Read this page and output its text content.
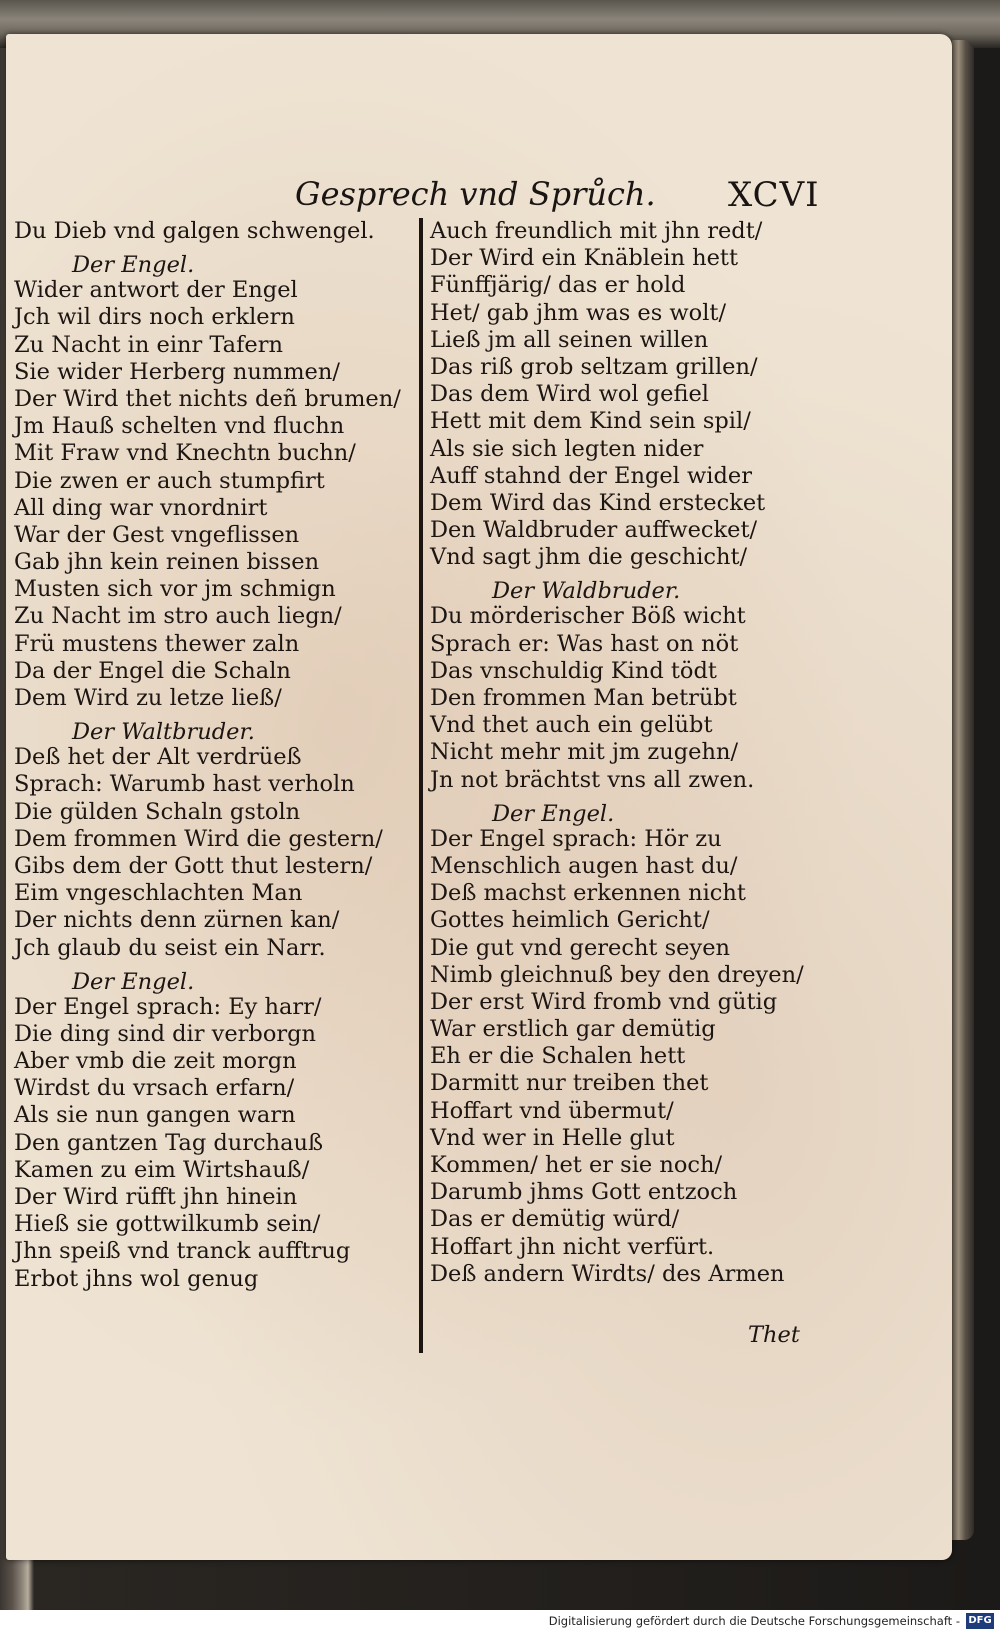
Gesprech vnd Sprůch. XCVI
Du Dieb vnd galgen schwengel.
Der Engel.
Wider antwort der Engel
Jch wil dirs noch erklern
Zu Nacht in einr Tafern
Sie wider Herberg nummen/
Der Wird thet nichts deñ brumen/
Jm Hauß schelten vnd fluchn
Mit Fraw vnd Knechtn buchn/
Die zwen er auch stumpfirt
All ding war vnordnirt
War der Gest vngeflissen
Gab jhn kein reinen bissen
Musten sich vor jm schmign
Zu Nacht im stro auch liegn/
Frü mustens thewer zaln
Da der Engel die Schaln
Dem Wird zu letze ließ/
Der Waltbruder.
Deß het der Alt verdrüeß
Sprach: Warumb hast verholn
Die gülden Schaln gstoln
Dem frommen Wird die gestern/
Gibs dem der Gott thut lestern/
Eim vngeschlachten Man
Der nichts denn zürnen kan/
Jch glaub du seist ein Narr.
Der Engel.
Der Engel sprach: Ey harr/
Die ding sind dir verborgn
Aber vmb die zeit morgn
Wirdst du vrsach erfarn/
Als sie nun gangen warn
Den gantzen Tag durchauß
Kamen zu eim Wirtshauß/
Der Wird rüfft jhn hinein
Hieß sie gottwilkumb sein/
Jhn speiß vnd tranck aufftrug
Erbot jhns wol genug
Auch freundlich mit jhn redt/
Der Wird ein Knäblein hett
Fünffjärig/ das er hold
Het/ gab jhm was es wolt/
Ließ jm all seinen willen
Das riß grob seltzam grillen/
Das dem Wird wol gefiel
Hett mit dem Kind sein spil/
Als sie sich legten nider
Auff stahnd der Engel wider
Dem Wird das Kind erstecket
Den Waldbruder auffwecket/
Vnd sagt jhm die geschicht/
Der Waldbruder.
Du mörderischer Böß wicht
Sprach er: Was hast on nöt
Das vnschuldig Kind tödt
Den frommen Man betrübt
Vnd thet auch ein gelübt
Nicht mehr mit jm zugehn/
Jn not brächtst vns all zwen.
Der Engel.
Der Engel sprach: Hör zu
Menschlich augen hast du/
Deß machst erkennen nicht
Gottes heimlich Gericht/
Die gut vnd gerecht seyen
Nimb gleichnuß bey den dreyen/
Der erst Wird fromb vnd gütig
War erstlich gar demütig
Eh er die Schalen hett
Darmitt nur treiben thet
Hoffart vnd übermut/
Vnd wer in Helle glut
Kommen/ het er sie noch/
Darumb jhms Gott entzoch
Das er demütig würd/
Hoffart jhn nicht verfürt.
Deß andern Wirdts/ des Armen
Thet
Digitalisierung gefördert durch die Deutsche Forschungsgemeinschaft - DFG
